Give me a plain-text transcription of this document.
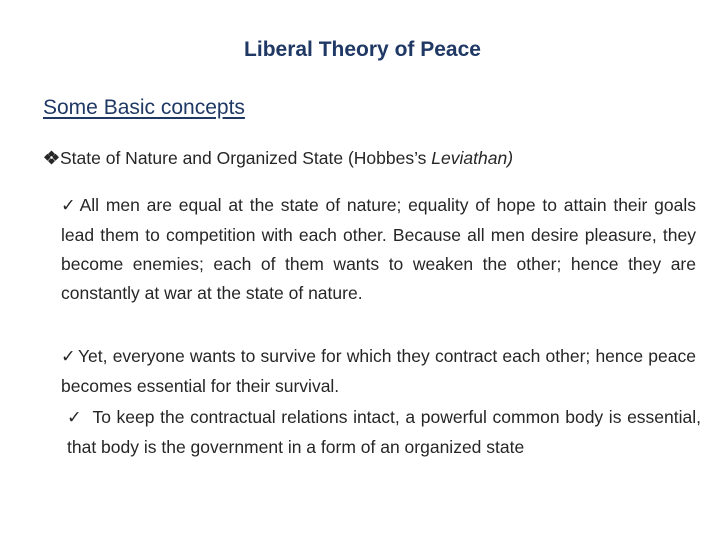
Liberal Theory of Peace
Some Basic concepts
State of Nature and Organized State (Hobbes’s Leviathan)
✓ All men are equal at the state of nature; equality of hope to attain their goals lead them to competition with each other. Because all men desire pleasure, they become enemies; each of them wants to weaken the other; hence they are constantly at war at the state of nature.
✓ Yet, everyone wants to survive for which they contract each other; hence peace becomes essential for their survival.
✓ To keep the contractual relations intact, a powerful common body is essential, that body is the government in a form of an organized state
